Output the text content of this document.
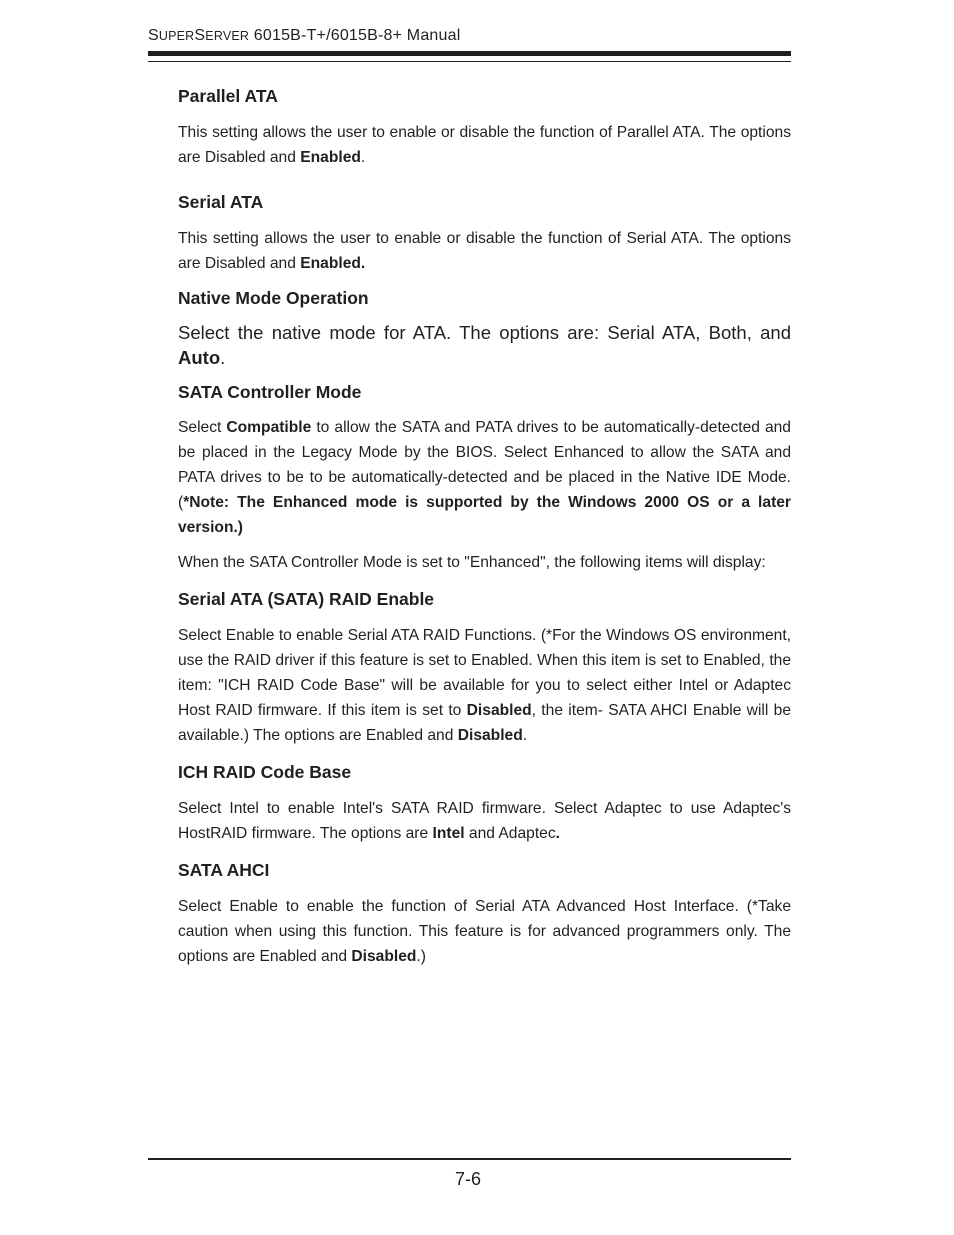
SUPERSERVER 6015B-T+/6015B-8+ Manual
Parallel ATA

This setting allows the user to enable or disable the function of Parallel ATA. The options are Disabled and Enabled.

Serial ATA

This setting allows the user to enable or disable the function of Serial ATA. The options are Disabled and Enabled.

Native Mode Operation

Select the native mode for ATA. The options are: Serial ATA, Both, and Auto.

SATA Controller Mode

Select Compatible to allow the SATA and PATA drives to be automatically-detected and be placed in the Legacy Mode by the BIOS. Select Enhanced to allow the SATA and PATA drives to be to be automatically-detected and be placed in the Native IDE Mode. (*Note: The Enhanced mode is supported by the Windows 2000 OS or a later version.)

When the SATA Controller Mode is set to "Enhanced", the following items will display:

Serial ATA (SATA) RAID Enable

Select Enable to enable Serial ATA RAID Functions. (*For the Windows OS environment, use the RAID driver if this feature is set to Enabled. When this item is set to Enabled, the item: "ICH RAID Code Base" will be available for you to select either Intel or Adaptec Host RAID firmware. If this item is set to Disabled, the item- SATA AHCI Enable will be available.) The options are Enabled and Disabled.

ICH RAID Code Base

Select Intel to enable Intel's SATA RAID firmware. Select Adaptec to use Adaptec's HostRAID firmware. The options are Intel and Adaptec.

SATA AHCI

Select Enable to enable the function of Serial ATA Advanced Host Interface. (*Take caution when using this function. This feature is for advanced programmers only. The options are Enabled and Disabled.)

7-6
